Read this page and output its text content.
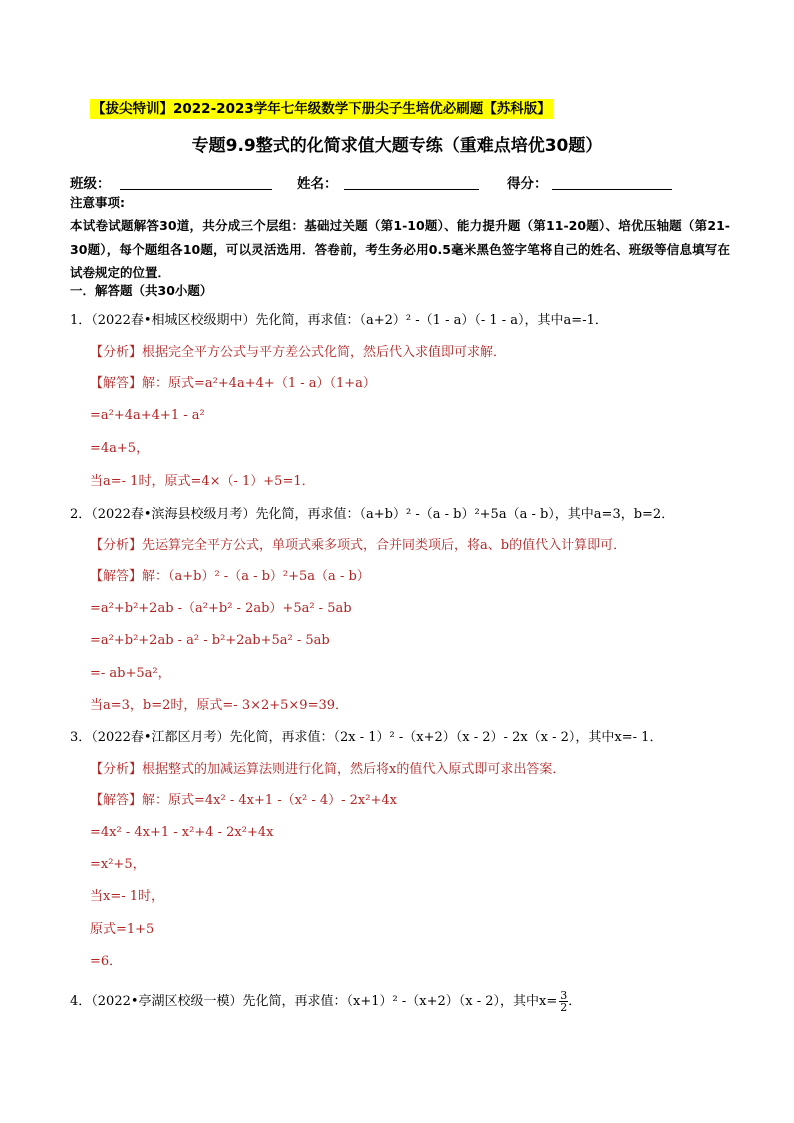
【拔尖特训】2022-2023学年七年级数学下册尖子生培优必刷题【苏科版】
专题9.9整式的化简求值大题专练（重难点培优30题）
班级：	姓名：	得分：
注意事项:
本试卷试题解答30道，共分成三个层组：基础过关题（第1-10题）、能力提升题（第11-20题）、培优压轴题（第21-30题），每个题组各10题，可以灵活选用．答卷前，考生务必用0.5毫米黑色签字笔将自己的姓名、班级等信息填写在试卷规定的位置．
一．解答题（共30小题）
1．（2022春•相城区校级期中）先化简，再求值：（a+2）² -（1 - a）（- 1 - a），其中a=-1．
【分析】根据完全平方公式与平方差公式化简，然后代入求值即可求解．
【解答】解：原式=a²+4a+4+（1 - a）（1+a）
=a²+4a+4+1 - a²
=4a+5，
当a=- 1时，原式=4×（- 1）+5=1．
2．（2022春•滨海县校级月考）先化简，再求值：（a+b）² -（a - b）²+5a（a - b），其中a=3，b=2．
【分析】先运算完全平方公式，单项式乘多项式，合并同类项后，将a、b的值代入计算即可．
【解答】解：（a+b）² -（a - b）²+5a（a - b）
=a²+b²+2ab -（a²+b² - 2ab）+5a² - 5ab
=a²+b²+2ab - a² - b²+2ab+5a² - 5ab
=- ab+5a²，
当a=3，b=2时，原式=- 3×2+5×9=39．
3．（2022春•江都区月考）先化简，再求值：（2x - 1）² -（x+2）（x - 2）- 2x（x - 2），其中x=- 1．
【分析】根据整式的加减运算法则进行化简，然后将x的值代入原式即可求出答案．
【解答】解：原式=4x² - 4x+1 -（x² - 4）- 2x²+4x
=4x² - 4x+1 - x²+4 - 2x²+4x
=x²+5，
当x=- 1时，
原式=1+5
=6．
4．（2022•亭湖区校级一模）先化简，再求值：（x+1）² -（x+2）（x - 2），其中$x= \frac{3}{2}$ ．
